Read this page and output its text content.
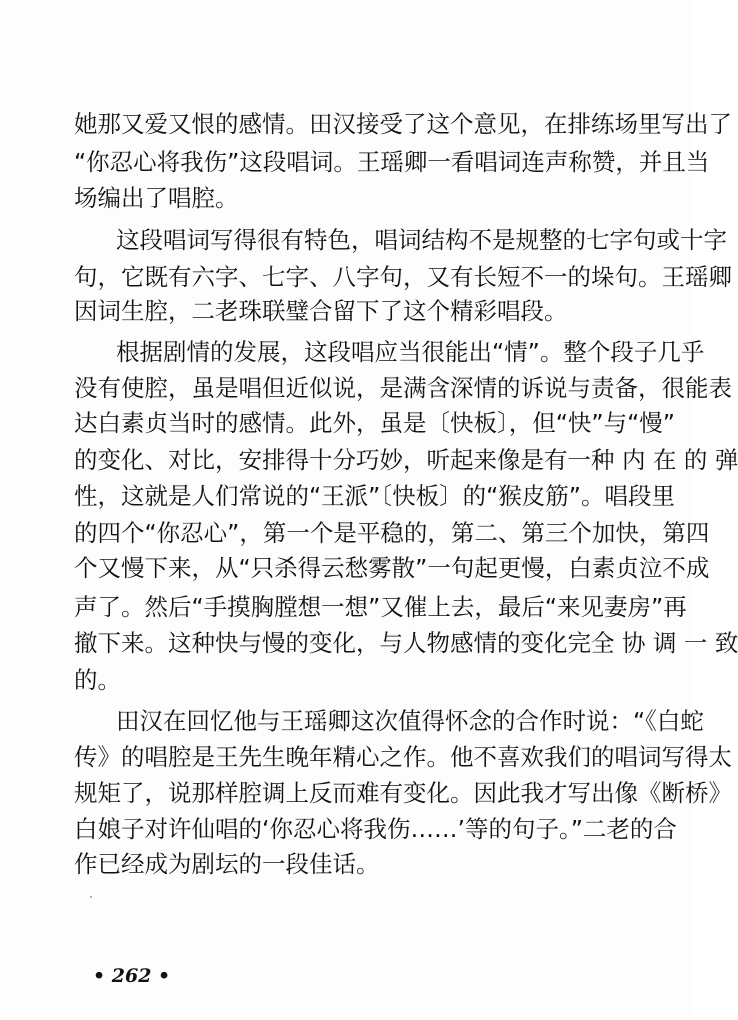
她那又爱又恨的感情。田汉接受了这个意见，在排练场里写出了
“你忍心将我伤”这段唱词。王瑶卿一看唱词连声称赞，并且当
场编出了唱腔。
这段唱词写得很有特色，唱词结构不是规整的七字句或十字
句，它既有六字、七字、八字句，又有长短不一的垛句。王瑶卿
因词生腔，二老珠联璧合留下了这个精彩唱段。
根据剧情的发展，这段唱应当很能出“情”。整个段子几乎
没有使腔，虽是唱但近似说，是满含深情的诉说与责备，很能表
达白素贞当时的感情。此外，虽是〔快板〕，但“快”与“慢”
的变化、对比，安排得十分巧妙，听起来像是有一种 内 在 的 弹
性，这就是人们常说的“王派”〔快板〕的“猴皮筋”。唱段里
的四个“你忍心”，第一个是平稳的，第二、第三个加快，第四
个又慢下来，从“只杀得云愁雾散”一句起更慢，白素贞泣不成
声了。然后“手摸胸膛想一想”又催上去，最后“来见妻房”再
撤下来。这种快与慢的变化，与人物感情的变化完全 协 调 一 致
的。
田汉在回忆他与王瑶卿这次值得怀念的合作时说：“《白蛇
传》的唱腔是王先生晚年精心之作。他不喜欢我们的唱词写得太
规矩了，说那样腔调上反而难有变化。因此我才写出像《断桥》
白娘子对许仙唱的‘你忍心将我伤……’等的句子。”二老的合
作已经成为剧坛的一段佳话。
• 262 •
